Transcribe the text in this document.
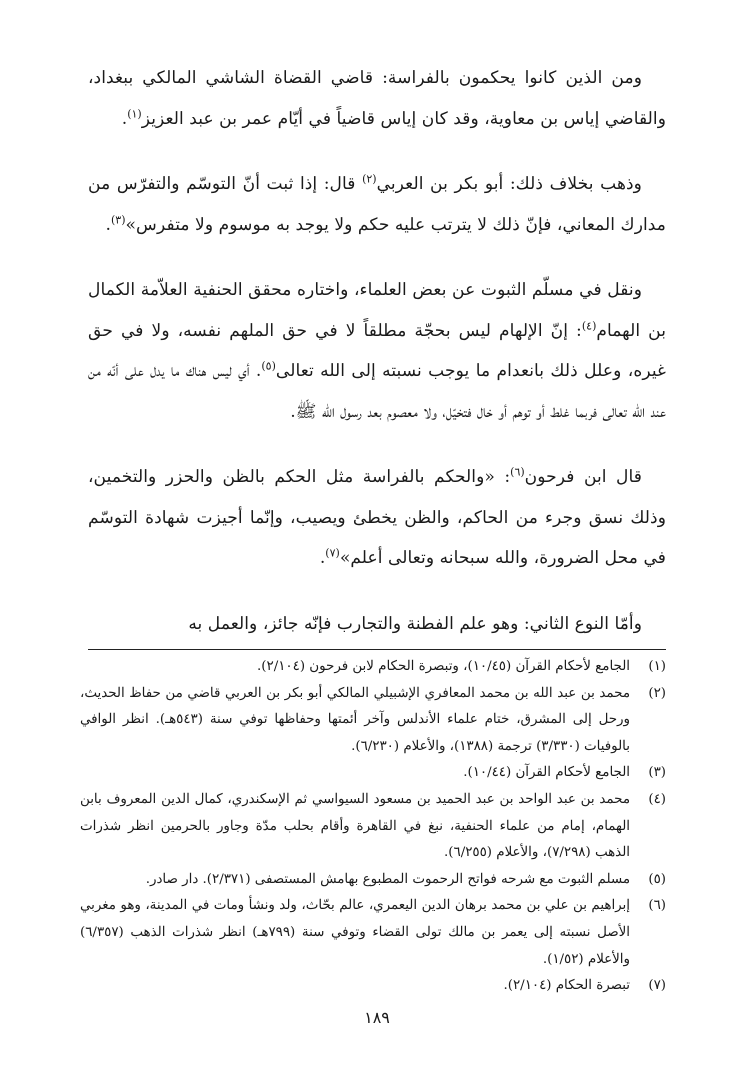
ومن الذين كانوا يحكمون بالفراسة: قاضي القضاة الشاشي المالكي ببغداد، والقاضي إياس بن معاوية، وقد كان إياس قاضياً في أيّام عمر بن عبد العزيز$^{(١)}$.

وذهب بخلاف ذلك: أبو بكر بن العربي$^{(٢)}$ قال: إذا ثبت أنّ التوسّم والتفرّس من مدارك المعاني، فإنّ ذلك لا يترتب عليه حكم ولا يوجد به موسوم ولا متفرس»$^{(٣)}$.

ونقل في مسلّم الثبوت عن بعض العلماء، واختاره محقق الحنفية العلاّمة الكمال بن الهمام$^{(٤)}$: إنّ الإلهام ليس بحجّة مطلقاً لا في حق الملهم نفسه، ولا في حق غيره، وعلل ذلك بانعدام ما يوجب نسبته إلى الله تعالى$^{(٥)}$. أي ليس هناك ما يدل على أنّه من عند الله تعالى فربما غلط أو توهم أو خال فتخيّل، ولا معصوم بعد رسول الله ﷺ.

قال ابن فرحون$^{(٦)}$: «والحكم بالفراسة مثل الحكم بالظن والحزر والتخمين، وذلك نسق وجرء من الحاكم، والظن يخطئ ويصيب، وإنّما أجيزت شهادة التوسّم في محل الضرورة، والله سبحانه وتعالى أعلم»$^{(٧)}$.

وأمّا النوع الثاني: وهو علم الفطنة والتجارب فإنّه جائز، والعمل به

(١)
الجامع لأحكام القرآن (١٠/٤٥)، وتبصرة الحكام لابن فرحون (٢/١٠٤).
(٢)
محمد بن عبد الله بن محمد المعافري الإشبيلي المالكي أبو بكر بن العربي قاضي من حفاظ الحديث، ورحل إلى المشرق، ختام علماء الأندلس وآخر أئمتها وحفاظها توفي سنة (٥٤٣هـ). انظر الوافي بالوفيات (٣/٣٣٠) ترجمة (١٣٨٨)، والأعلام (٦/٢٣٠).
(٣)
الجامع لأحكام القرآن (١٠/٤٤).
(٤)
محمد بن عبد الواحد بن عبد الحميد بن مسعود السيواسي ثم الإسكندري، كمال الدين المعروف بابن الهمام، إمام من علماء الحنفية، نبغ في القاهرة وأقام بحلب مدّة وجاور بالحرمين انظر شذرات الذهب (٧/٢٩٨)، والأعلام (٦/٢٥٥).
(٥)
مسلم الثبوت مع شرحه فواتح الرحموت المطبوع بهامش المستصفى (٢/٣٧١). دار صادر.
(٦)
إبراهيم بن علي بن محمد برهان الدين اليعمري، عالم بحّاث، ولد ونشأ ومات في المدينة، وهو مغربي الأصل نسبته إلى يعمر بن مالك تولى القضاء وتوفي سنة (٧٩٩هـ) انظر شذرات الذهب (٦/٣٥٧) والأعلام (١/٥٢).
(٧)
تبصرة الحكام (٢/١٠٤).
١٨٩
